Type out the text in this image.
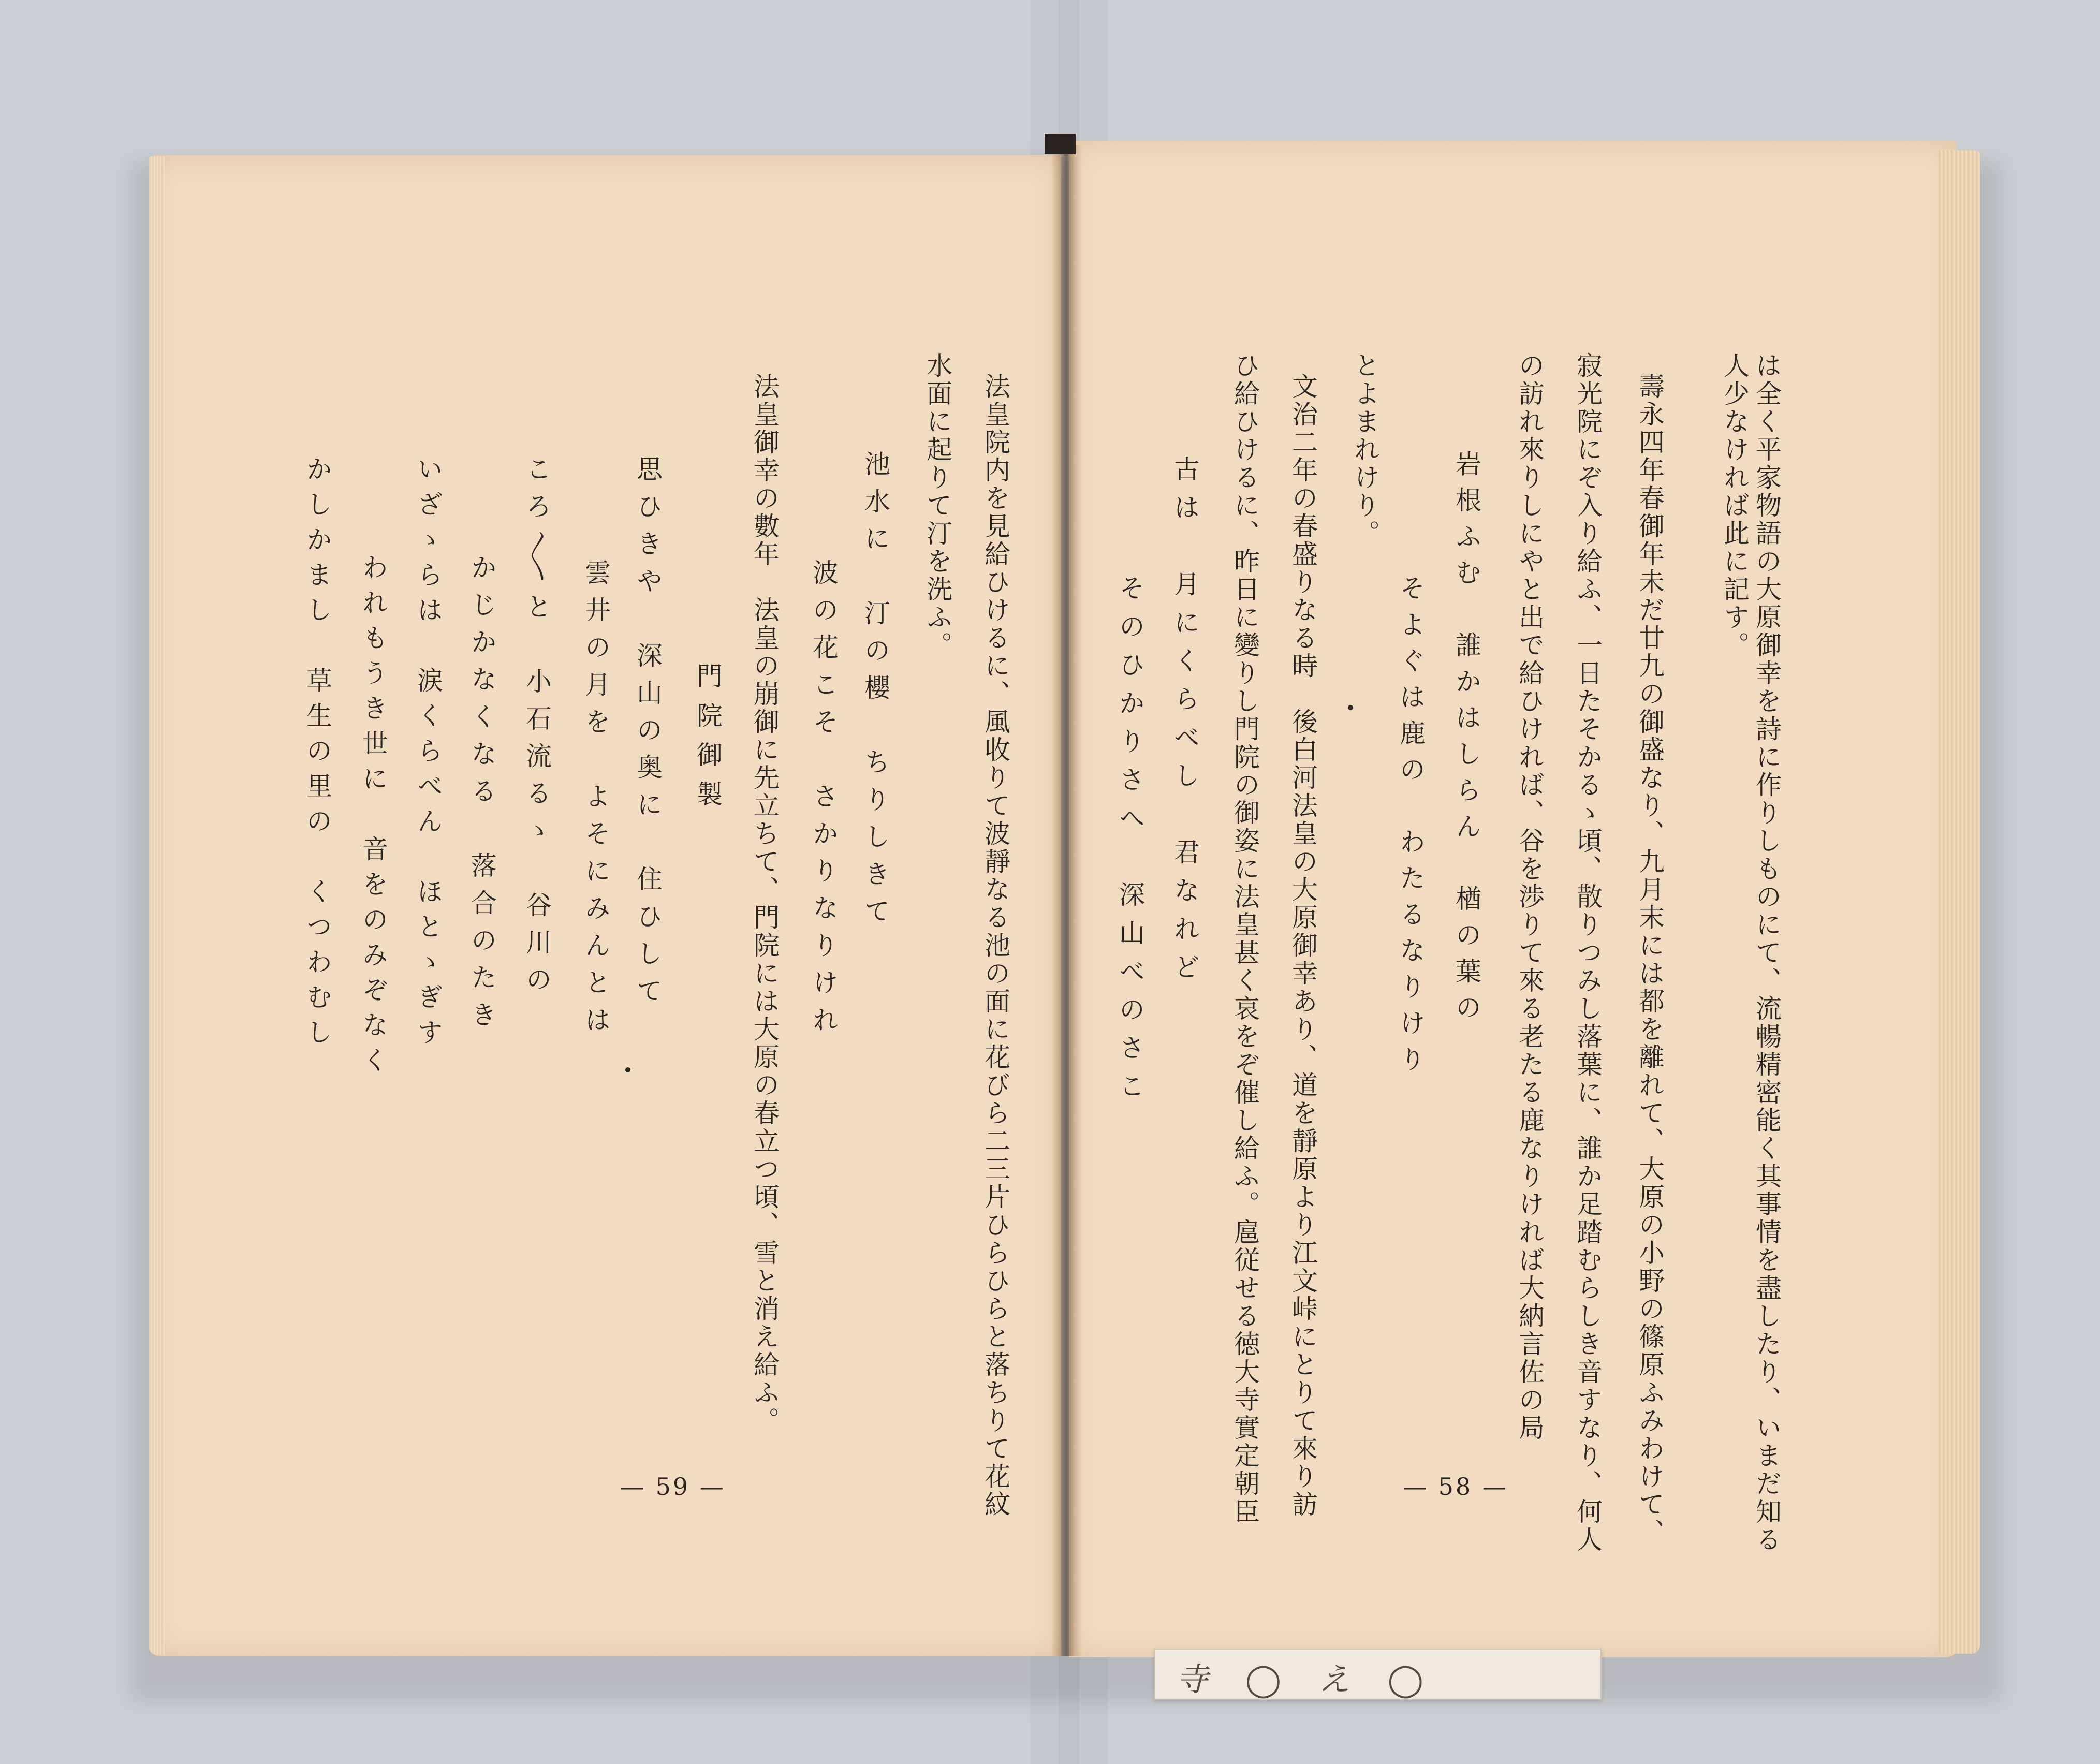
は全く平家物語の大原御幸を詩に作りしものにて、流暢精密能く其事情を盡したり、いまだ知る
人少なければ此に記す。
壽永四年春御年未だ廿九の御盛なり、九月末には都を離れて、大原の小野の篠原ふみわけて、
寂光院にぞ入り給ふ、一日たそかるゝ頃、散りつみし落葉に、誰か足踏むらしき音すなり、何人
の訪れ來りしにやと出で給ひければ、谷を渉りて來る老たる鹿なりければ大納言佐の局
岩根ふむ　誰かはしらん　楢の葉の
そよぐは鹿の　わたるなりけり
とよまれけり。
文治二年の春盛りなる時　後白河法皇の大原御幸あり、道を靜原より江文峠にとりて來り訪
ひ給ひけるに、昨日に變りし門院の御姿に法皇甚く哀をぞ催し給ふ。扈従せる徳大寺實定朝臣
古は　月にくらべし　君なれど
そのひかりさへ　深山べのさこ
— 58 —
法皇院内を見給ひけるに、風收りて波靜なる池の面に花びら二三片ひらひらと落ちりて花紋
水面に起りて汀を洗ふ。
池水に　汀の櫻　ちりしきて
波の花こそ　さかりなりけれ
法皇御幸の數年　法皇の崩御に先立ちて、門院には大原の春立つ頃、雪と消え給ふ。
門院御製
思ひきや　深山の奥に　住ひして
雲井の月を　よそにみんとは
ころ〳〵と　小石流るゝ　谷川の
かじかなくなる　落合のたき
いざゝらは　涙くらべん　ほとゝぎす
われもうき世に　音をのみぞなく
かしかまし　草生の里の　くつわむし
— 59 —
寺 ◯ え ◯
